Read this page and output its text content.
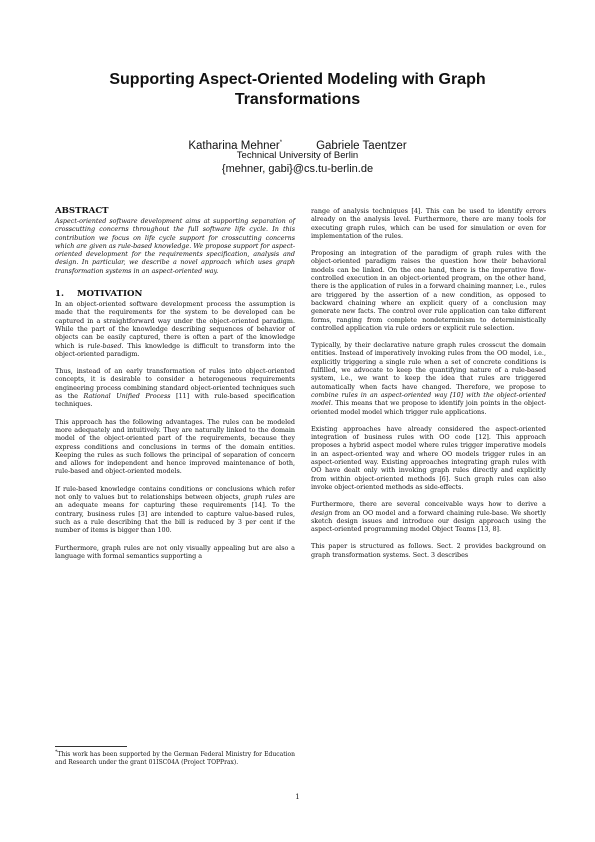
Supporting Aspect-Oriented Modeling with Graph Transformations
Katharina Mehner*	Gabriele Taentzer
Technical University of Berlin
{mehner, gabi}@cs.tu-berlin.de
ABSTRACT

Aspect-oriented software development aims at supporting separation of crosscutting concerns throughout the full software life cycle. In this contribution we focus on life cycle support for crosscutting concerns which are given as rule-based knowledge. We propose support for aspect-oriented development for the requirements specification, analysis and design. In particular, we describe a novel approach which uses graph transformation systems in an aspect-oriented way.

1. MOTIVATION

In an object-oriented software development process the assumption is made that the requirements for the system to be developed can be captured in a straightforward way under the object-oriented paradigm. While the part of the knowledge describing sequences of behavior of objects can be easily captured, there is often a part of the knowledge which is rule-based. This knowledge is difficult to transform into the object-oriented paradigm.

Thus, instead of an early transformation of rules into object-oriented concepts, it is desirable to consider a heterogeneous requirements engineering process combining standard object-oriented techniques such as the Rational Unified Process [11] with rule-based specification techniques.

This approach has the following advantages. The rules can be modeled more adequately and intuitively. They are naturally linked to the domain model of the object-oriented part of the requirements, because they express conditions and conclusions in terms of the domain entities. Keeping the rules as such follows the principal of separation of concern and allows for independent and hence improved maintenance of both, rule-based and object-oriented models.

If rule-based knowledge contains conditions or conclusions which refer not only to values but to relationships between objects, graph rules are an adequate means for capturing these requirements [14]. To the contrary, business rules [3] are intended to capture value-based rules, such as a rule describing that the bill is reduced by 3 per cent if the number of items is bigger than 100.

Furthermore, graph rules are not only visually appealing but are also a language with formal semantics supporting a

range of analysis techniques [4]. This can be used to identify errors already on the analysis level. Furthermore, there are many tools for executing graph rules, which can be used for simulation or even for implementation of the rules.

Proposing an integration of the paradigm of graph rules with the object-oriented paradigm raises the question how their behavioral models can be linked. On the one hand, there is the imperative flow-controlled execution in an object-oriented program, on the other hand, there is the application of rules in a forward chaining manner, i.e., rules are triggered by the assertion of a new condition, as opposed to backward chaining where an explicit query of a conclusion may generate new facts. The control over rule application can take different forms, ranging from complete nondeterminism to deterministically controlled application via rule orders or explicit rule selection.

Typically, by their declarative nature graph rules crosscut the domain entities. Instead of imperatively invoking rules from the OO model, i.e., explicitly triggering a single rule when a set of concrete conditions is fulfilled, we advocate to keep the quantifying nature of a rule-based system, i.e., we want to keep the idea that rules are triggered automatically when facts have changed. Therefore, we propose to combine rules in an aspect-oriented way [10] with the object-oriented model. This means that we propose to identify join points in the object-oriented model model which trigger rule applications.

Existing approaches have already considered the aspect-oriented integration of business rules with OO code [12]. This approach proposes a hybrid aspect model where rules trigger imperative models in an aspect-oriented way and where OO models trigger rules in an aspect-oriented way. Existing approaches integrating graph rules with OO have dealt only with invoking graph rules directly and explicitly from within object-oriented methods [6]. Such graph rules can also invoke object-oriented methods as side-effects.

Furthermore, there are several conceivable ways how to derive a design from an OO model and a forward chaining rule-base. We shortly sketch design issues and introduce our design approach using the aspect-oriented programming model Object Teams [13, 8].

This paper is structured as follows. Sect. 2 provides background on graph transformation systems. Sect. 3 describes

*This work has been supported by the German Federal Ministry for Education and Research under the grant 01ISC04A (Project TOPPrax).
1
